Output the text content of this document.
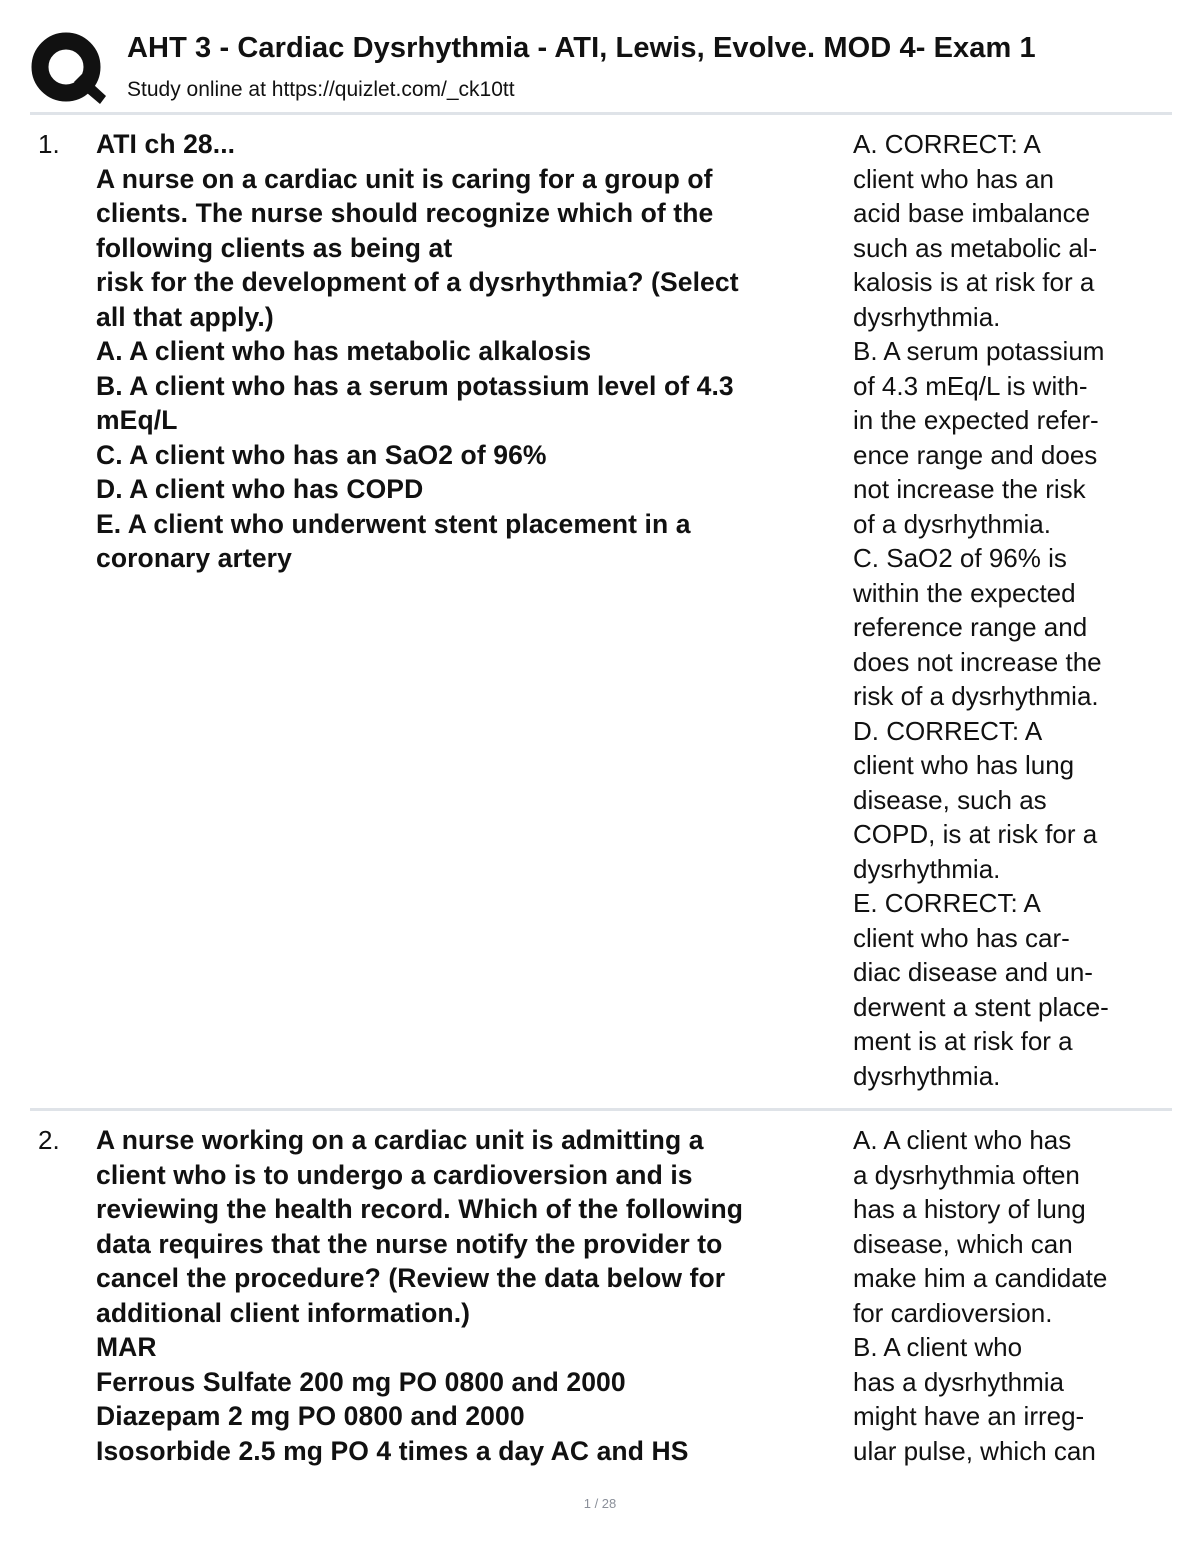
AHT 3 - Cardiac Dysrhythmia - ATI, Lewis, Evolve. MOD 4- Exam 1
Study online at https://quizlet.com/_ck10tt
1. ATI ch 28...
A nurse on a cardiac unit is caring for a group of
clients. The nurse should recognize which of the
following clients as being at
risk for the development of a dysrhythmia? (Select
all that apply.)
A. A client who has metabolic alkalosis
B. A client who has a serum potassium level of 4.3
mEq/L
C. A client who has an SaO2 of 96%
D. A client who has COPD
E. A client who underwent stent placement in a
coronary artery
A. CORRECT: A
client who has an
acid base imbalance
such as metabolic al-
kalosis is at risk for a
dysrhythmia.
B. A serum potassium
of 4.3 mEq/L is with-
in the expected refer-
ence range and does
not increase the risk
of a dysrhythmia.
C. SaO2 of 96% is
within the expected
reference range and
does not increase the
risk of a dysrhythmia.
D. CORRECT: A
client who has lung
disease, such as
COPD, is at risk for a
dysrhythmia.
E. CORRECT: A
client who has car-
diac disease and un-
derwent a stent place-
ment is at risk for a
dysrhythmia.
2. A nurse working on a cardiac unit is admitting a
client who is to undergo a cardioversion and is
reviewing the health record. Which of the following
data requires that the nurse notify the provider to
cancel the procedure? (Review the data below for
additional client information.)
MAR
Ferrous Sulfate 200 mg PO 0800 and 2000
Diazepam 2 mg PO 0800 and 2000
Isosorbide 2.5 mg PO 4 times a day AC and HS
A. A client who has
a dysrhythmia often
has a history of lung
disease, which can
make him a candidate
for cardioversion.
B. A client who
has a dysrhythmia
might have an irreg-
ular pulse, which can
1 / 28
